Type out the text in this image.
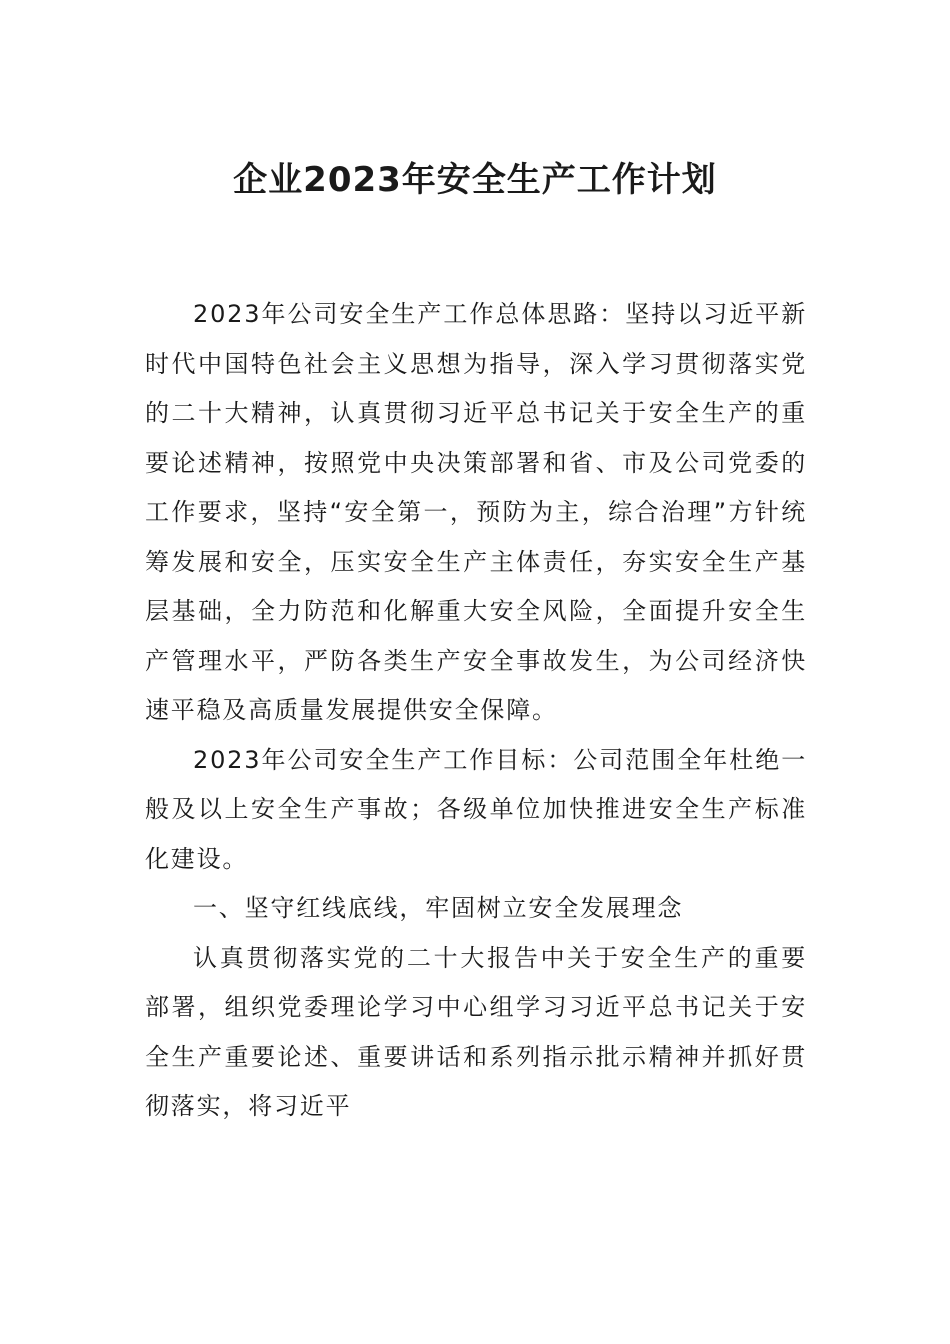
企业2023年安全生产工作计划

2023年公司安全生产工作总体思路：坚持以习近平新时代中国特色社会主义思想为指导，深入学习贯彻落实党的二十大精神，认真贯彻习近平总书记关于安全生产的重要论述精神，按照党中央决策部署和省、市及公司党委的工作要求，坚持“安全第一，预防为主，综合治理”方针统筹发展和安全，压实安全生产主体责任，夯实安全生产基层基础，全力防范和化解重大安全风险，全面提升安全生产管理水平，严防各类生产安全事故发生，为公司经济快速平稳及高质量发展提供安全保障。

2023年公司安全生产工作目标：公司范围全年杜绝一般及以上安全生产事故；各级单位加快推进安全生产标准化建设。

一、坚守红线底线，牢固树立安全发展理念

认真贯彻落实党的二十大报告中关于安全生产的重要部署，组织党委理论学习中心组学习习近平总书记关于安全生产重要论述、重要讲话和系列指示批示精神并抓好贯彻落实，将习近平
